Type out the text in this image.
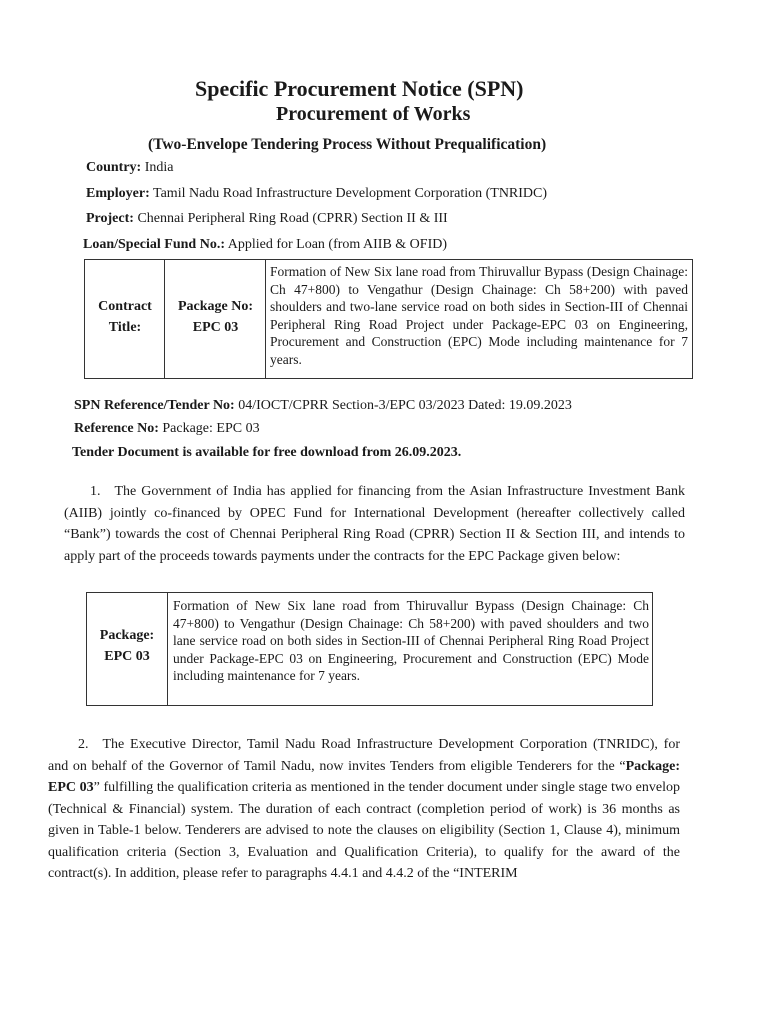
Specific Procurement Notice (SPN)
Procurement of Works
(Two-Envelope Tendering Process Without Prequalification)
Country: India
Employer: Tamil Nadu Road Infrastructure Development Corporation (TNRIDC)
Project: Chennai Peripheral Ring Road (CPRR) Section II & III
Loan/Special Fund No.: Applied for Loan (from AIIB & OFID)
Contract Title:
Package No: EPC 03
Formation of New Six lane road from Thiruvallur Bypass (Design Chainage: Ch 47+800) to Vengathur (Design Chainage: Ch 58+200) with paved shoulders and two-lane service road on both sides in Section-III of Chennai Peripheral Ring Road Project under Package-EPC 03 on Engineering, Procurement and Construction (EPC) Mode including maintenance for 7 years.
SPN Reference/Tender No: 04/IOCT/CPRR Section-3/EPC 03/2023 Dated: 19.09.2023
Reference No: Package: EPC 03
Tender Document is available for free download from 26.09.2023.
1. The Government of India has applied for financing from the Asian Infrastructure Investment Bank (AIIB) jointly co-financed by OPEC Fund for International Development (hereafter collectively called “Bank”) towards the cost of Chennai Peripheral Ring Road (CPRR) Section II & Section III, and intends to apply part of the proceeds towards payments under the contracts for the EPC Package given below:
Package: EPC 03
Formation of New Six lane road from Thiruvallur Bypass (Design Chainage: Ch 47+800) to Vengathur (Design Chainage: Ch 58+200) with paved shoulders and two lane service road on both sides in Section-III of Chennai Peripheral Ring Road Project under Package-EPC 03 on Engineering, Procurement and Construction (EPC) Mode including maintenance for 7 years.
2. The Executive Director, Tamil Nadu Road Infrastructure Development Corporation (TNRIDC), for and on behalf of the Governor of Tamil Nadu, now invites Tenders from eligible Tenderers for the “Package: EPC 03” fulfilling the qualification criteria as mentioned in the tender document under single stage two envelop (Technical & Financial) system. The duration of each contract (completion period of work) is 36 months as given in Table-1 below. Tenderers are advised to note the clauses on eligibility (Section 1, Clause 4), minimum qualification criteria (Section 3, Evaluation and Qualification Criteria), to qualify for the award of the contract(s). In addition, please refer to paragraphs 4.4.1 and 4.4.2 of the “INTERIM
